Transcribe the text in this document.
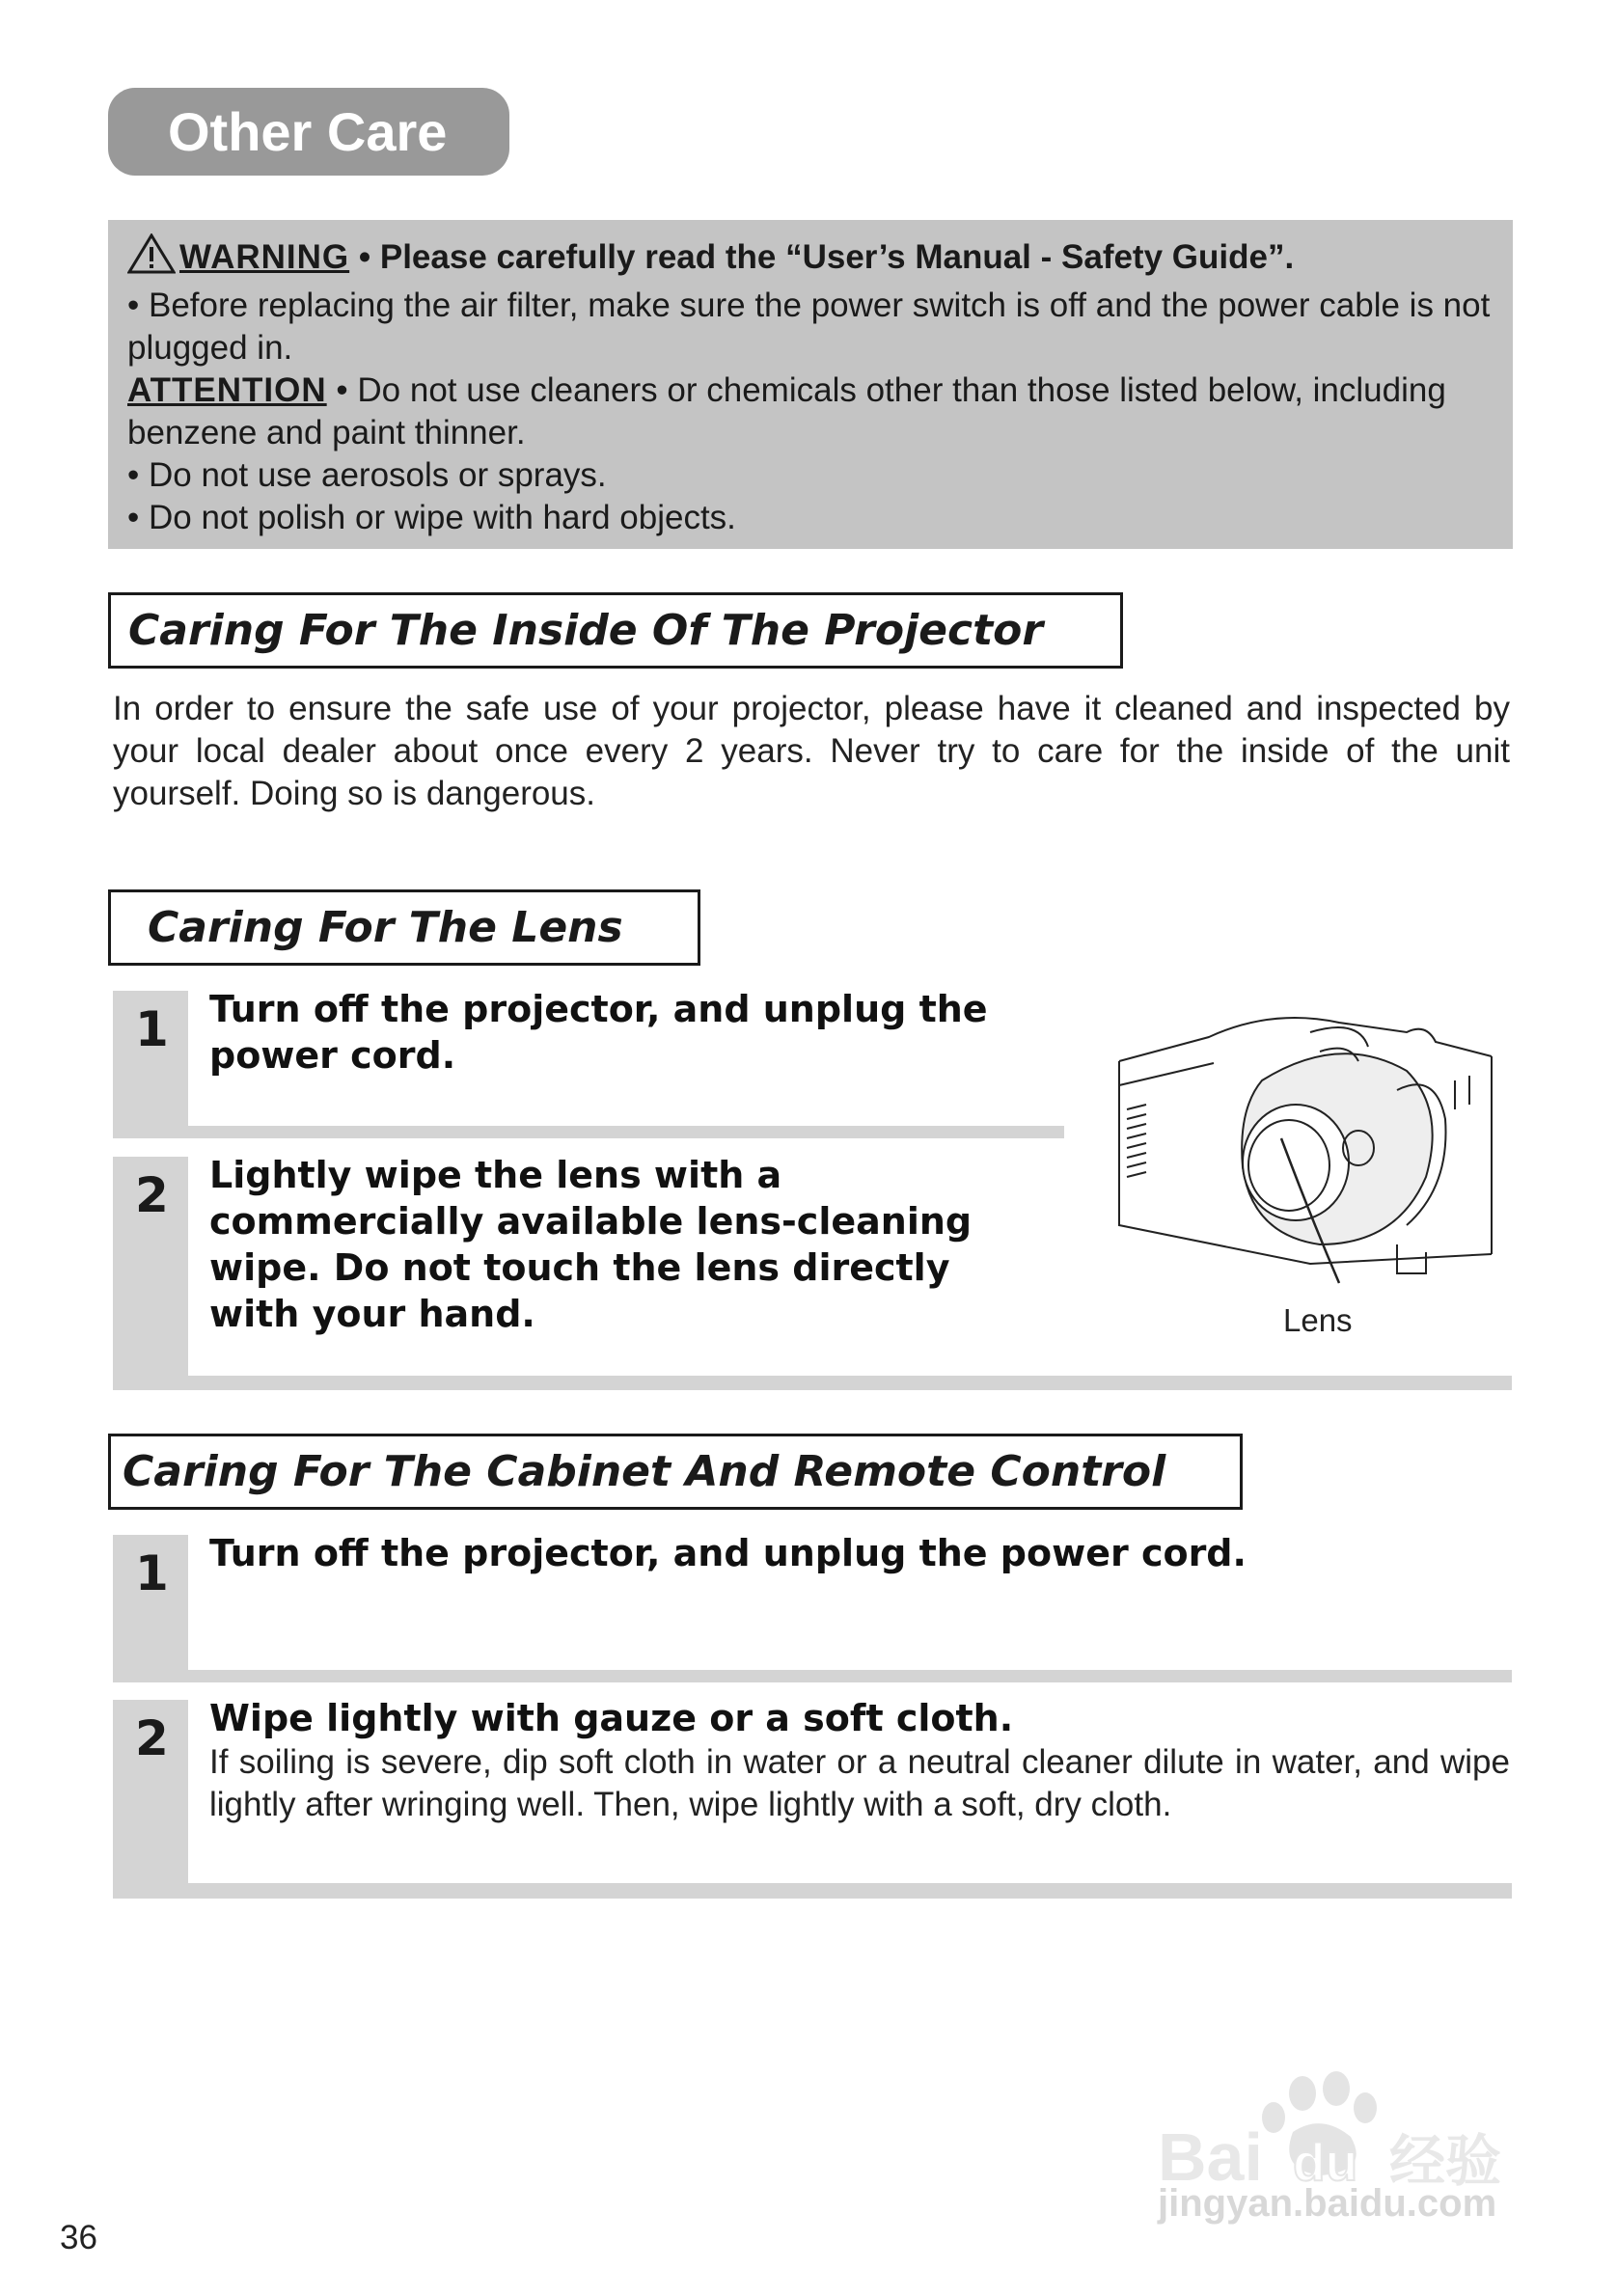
Other Care

WARNING • Please carefully read the “User’s Manual - Safety Guide”.

• Before replacing the air filter, make sure the power switch is off and the power cable is not plugged in.

ATTENTION • Do not use cleaners or chemicals other than those listed below, including benzene and paint thinner.

• Do not use aerosols or sprays.

• Do not polish or wipe with hard objects.

Caring For The Inside Of The Projector

In order to ensure the safe use of your projector, please have it cleaned and inspected by your local dealer about once every 2 years. Never try to care for the inside of the unit yourself. Doing so is dangerous.

Caring For The Lens
1 Turn off the projector, and unplug the power cord.

2 Lightly wipe the lens with a commercially available lens-cleaning wipe. Do not touch the lens directly with your hand.	Lens
Caring For The Cabinet And Remote Control
1 Turn off the projector, and unplug the power cord.

2 Wipe lightly with gauze or a soft cloth.

If soiling is severe, dip soft cloth in water or a neutral cleaner dilute in water, and wipe lightly after wringing well. Then, wipe lightly with a soft, dry cloth.

36
Bai du 经验
jingyan.baidu.com
